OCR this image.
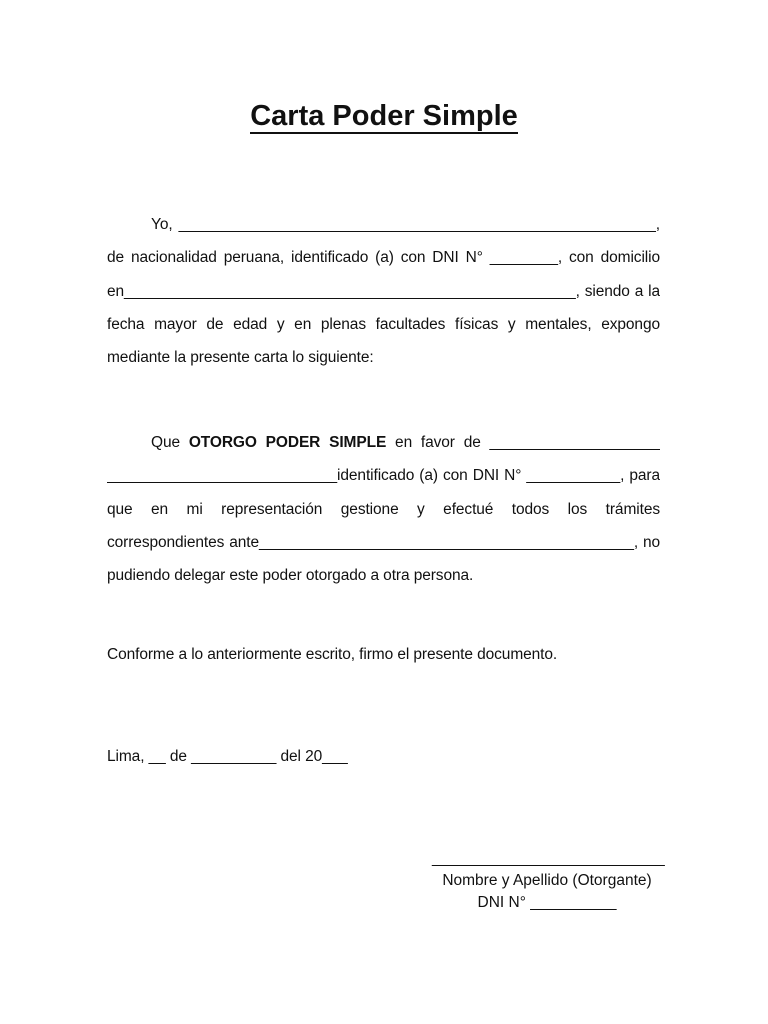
Carta Poder Simple
Yo, ________________________________________________________,
de nacionalidad peruana, identificado (a) con DNI N° ________, con domicilio
en_____________________________________________________, siendo a la
fecha mayor de edad y en plenas facultades físicas y mentales, expongo
mediante la presente carta lo siguiente:
Que OTORGO PODER SIMPLE en favor de ____________________
___________________________identificado (a) con DNI N° ___________, para
que en mi representación gestione y efectué todos los trámites
correspondientes ante____________________________________________, no
pudiendo delegar este poder otorgado a otra persona.
Conforme a lo anteriormente escrito, firmo el presente documento.
Lima, __ de __________ del 20___
___________________________
Nombre y Apellido (Otorgante)
DNI N° __________
